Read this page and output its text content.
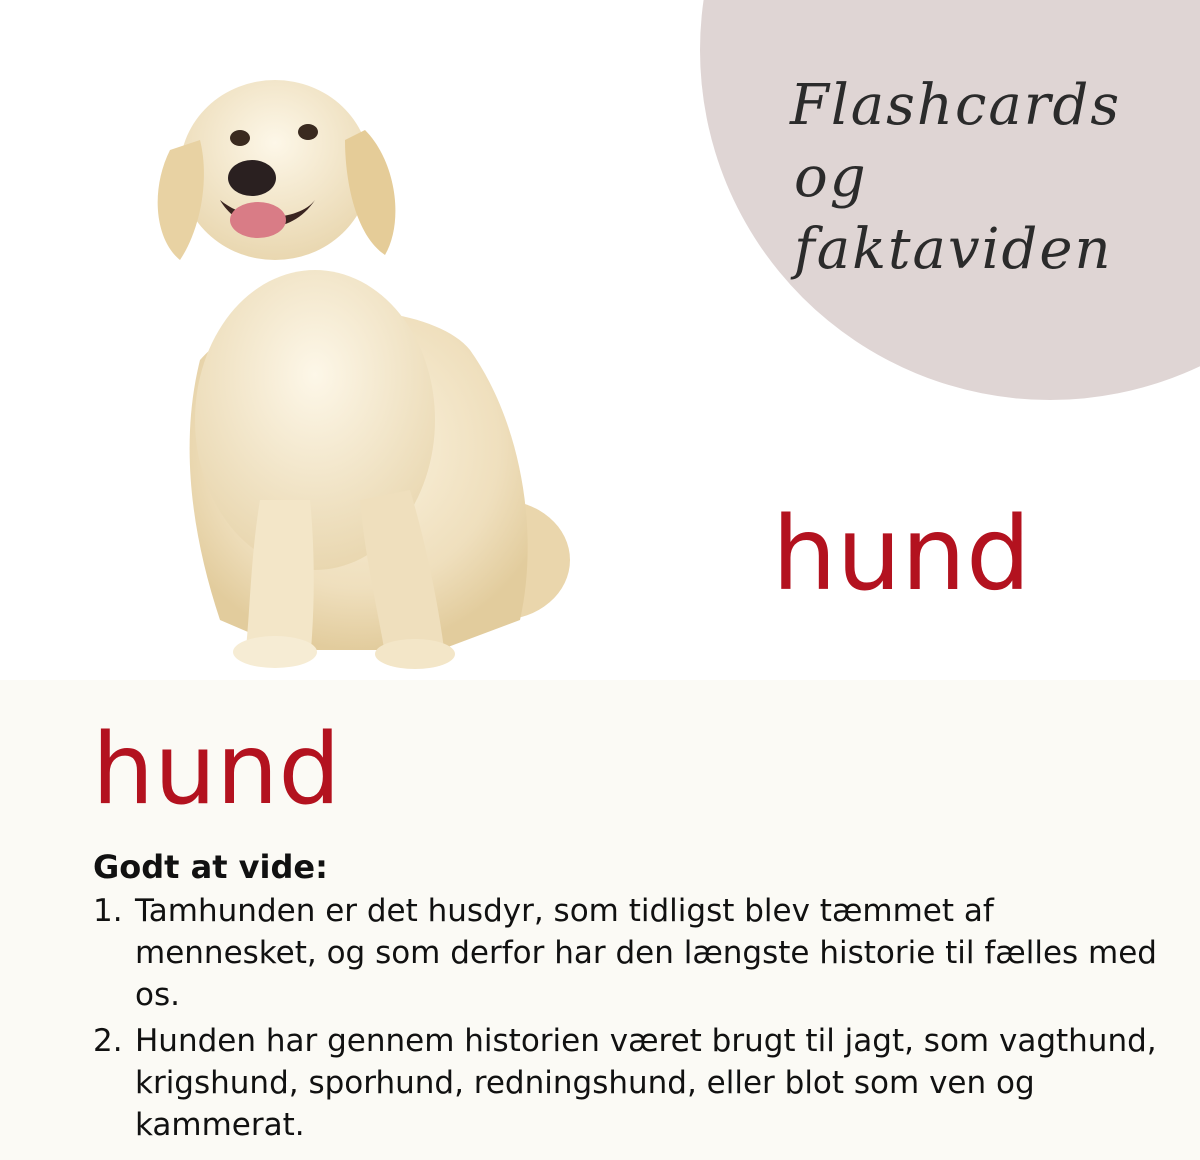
Flashcards
og faktaviden
hund
hund
Godt at vide:
1. Tamhunden er det husdyr, som tidligst blev tæmmet af mennesket, og som derfor har den længste historie til fælles med os.
2. Hunden har gennem historien været brugt til jagt, som vagthund, krigshund, sporhund, redningshund, eller blot som ven og kammerat.
